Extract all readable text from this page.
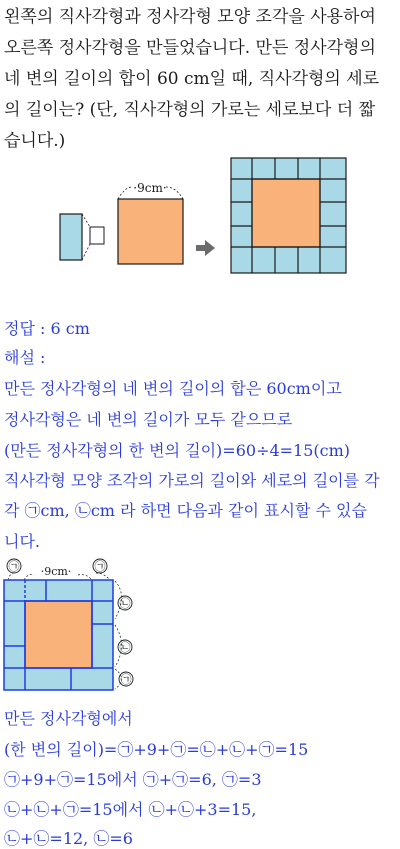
왼쪽의 직사각형과 정사각형 모양 조각을 사용하여
오른쪽 정사각형을 만들었습니다. 만든 정사각형의
네 변의 길이의 합이 60 cm일 때, 직사각형의 세로
의 길이는? (단, 직사각형의 가로는 세로보다 더 짧
습니다.)
·9cm·
정답 : 6 cm
해설 :
만든 정사각형의 네 변의 길이의 합은 60cm이고
정사각형은 네 변의 길이가 모두 같으므로
(만든 정사각형의 한 변의 길이)=60÷4=15(cm)
직사각형 모양 조각의 가로의 길이와 세로의 길이를 각
각 ㉠cm, ㉡cm 라 하면 다음과 같이 표시할 수 있습
니다.
㉠	㉠
·9cm·
㉡
㉡
㉠
만든 정사각형에서
(한 변의 길이)=㉠+9+㉠=㉡+㉡+㉠=15
㉠+9+㉠=15에서 ㉠+㉠=6, ㉠=3
㉡+㉡+㉠=15에서 ㉡+㉡+3=15,
㉡+㉡=12, ㉡=6
